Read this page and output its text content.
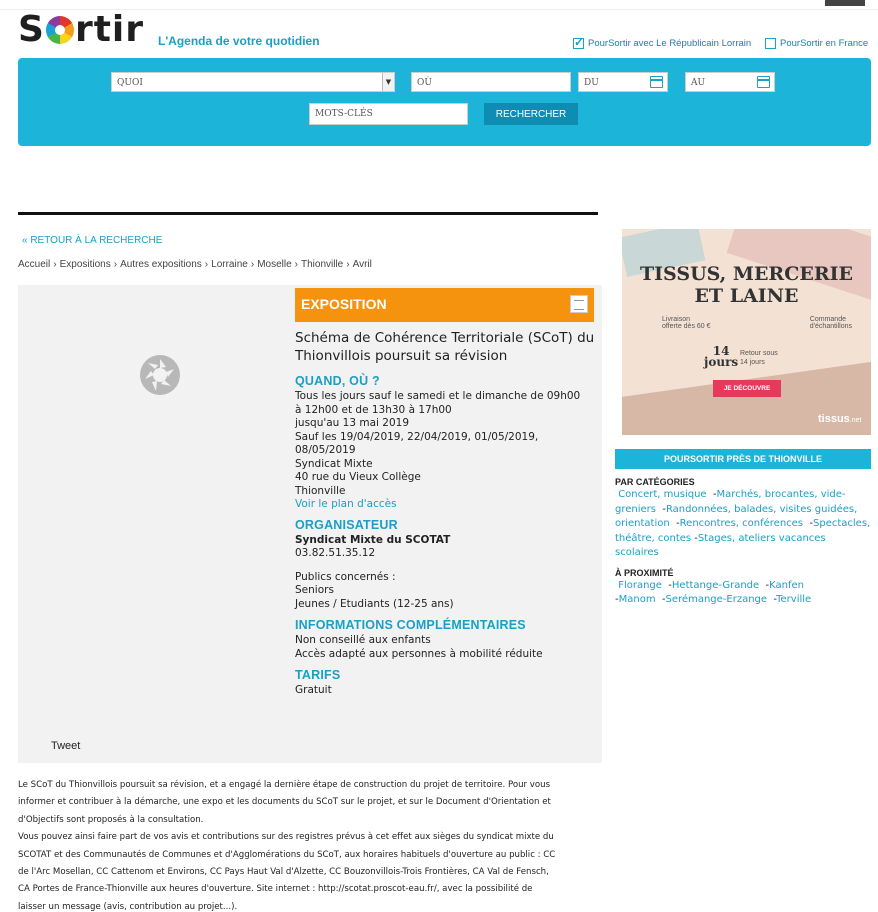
S rtir L'Agenda de votre quotidien ✓	PourSortir avec Le Républicain Lorrain	PourSortir en France
QUOI	▼	OÙ	DU	AU
MOTS-CLÉS	RECHERCHER
« RETOUR À LA RECHERCHE
Accueil › Expositions › Autres expositions › Lorraine › Moselle › Thionville › Avril
Tweet
EXPOSITION
Schéma de Cohérence Territoriale (SCoT) du Thionvillois poursuit sa révision
QUAND, OÙ ?
Tous les jours sauf le samedi et le dimanche de 09h00
à 12h00 et de 13h30 à 17h00
jusqu'au 13 mai 2019
Sauf les 19/04/2019, 22/04/2019, 01/05/2019,
08/05/2019
Syndicat Mixte
40 rue du Vieux Collège
Thionville
Voir le plan d'accès
ORGANISATEUR
Syndicat Mixte du SCOTAT
03.82.51.35.12
Publics concernés :
Seniors
Jeunes / Etudiants (12-25 ans)
INFORMATIONS COMPLÉMENTAIRES
Non conseillé aux enfants
Accès adapté aux personnes à mobilité réduite
TARIFS
Gratuit
Le SCoT du Thionvillois poursuit sa révision, et a engagé la dernière étape de construction du projet de territoire. Pour vous
informer et contribuer à la démarche, une expo et les documents du SCoT sur le projet, et sur le Document d'Orientation et
d'Objectifs sont proposés à la consultation.
Vous pouvez ainsi faire part de vos avis et contributions sur des registres prévus à cet effet aux sièges du syndicat mixte du
SCOTAT et des Communautés de Communes et d'Agglomérations du SCoT, aux horaires habituels d'ouverture au public : CC
de l'Arc Mosellan, CC Cattenom et Environs, CC Pays Haut Val d'Alzette, CC Bouzonvillois-Trois Frontières, CA Val de Fensch,
CA Portes de France-Thionville aux heures d'ouverture. Site internet : http://scotat.proscot-eau.fr/, avec la possibilité de
laisser un message (avis, contribution au projet...).
TISSUS, MERCERIE
ET LAINE
Livraison
offerte dès 60 €
Commande
d'échantillons
14
jours
Retour sous
14 jours
JE DÉCOUVRE
tissus.net
POURSORTIR PRÈS DE THIONVILLE
PAR CATÉGORIES
Concert, musique  -Marchés, brocantes, vide-greniers  -Randonnées, balades, visites guidées, orientation  -Rencontres, conférences  -Spectacles, théâtre, contes -Stages, ateliers vacances scolaires
À PROXIMITÉ
Florange  -Hettange-Grande  -Kanfen
-Manom  -Serémange-Erzange  -Terville
